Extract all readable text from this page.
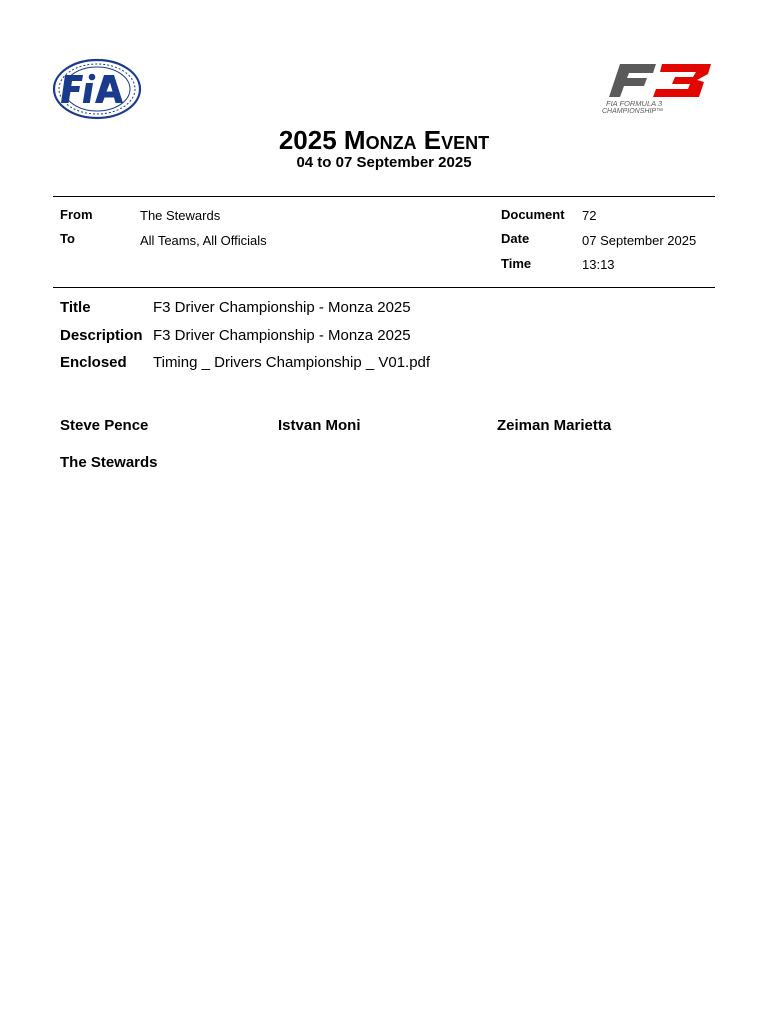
FIA FORMULA 3
CHAMPIONSHIP™
2025 Monza Event
04 to 07 September 2025
From	The Stewards
To	All Teams, All Officials
Document 72
Date	07 September 2025
Time	13:13
Title	F3 Driver Championship - Monza 2025
Description F3 Driver Championship - Monza 2025
Enclosed Timing _ Drivers Championship _ V01.pdf
Steve Pence	Istvan Moni	Zeiman Marietta
The Stewards
